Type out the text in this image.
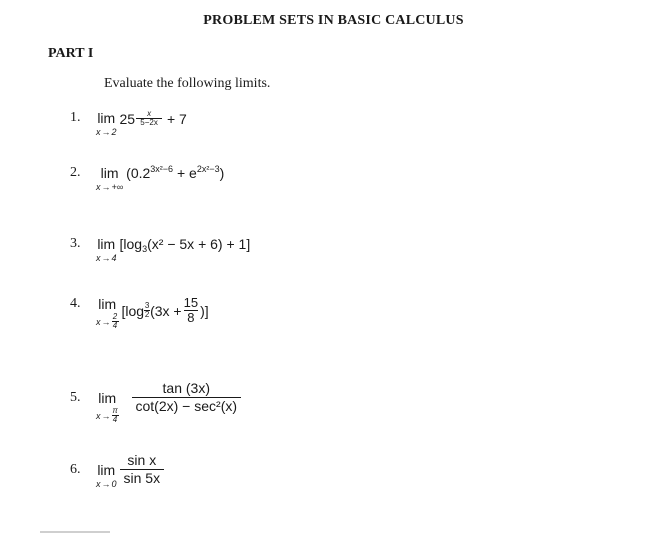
PROBLEM SETS IN BASIC CALCULUS
PART I
Evaluate the following limits.
1.	lim
x → 2
$25 \frac{x}{5-2x} + 7$
2.	lim
x → +∞
$(0.2^{3x^2-6} + e^{2x^2-3})$
3.	lim
x → 4
$[\log_3(x^2 - 5x + 6) + 1]$
4.	lim
x → 2
4
[log 3
2 (3x + 15
8 )]
5.	lim
x → π
4
tan (3x)
cot(2x) − sec²(x)
6.	lim
x → 0
sin x
sin 5x
